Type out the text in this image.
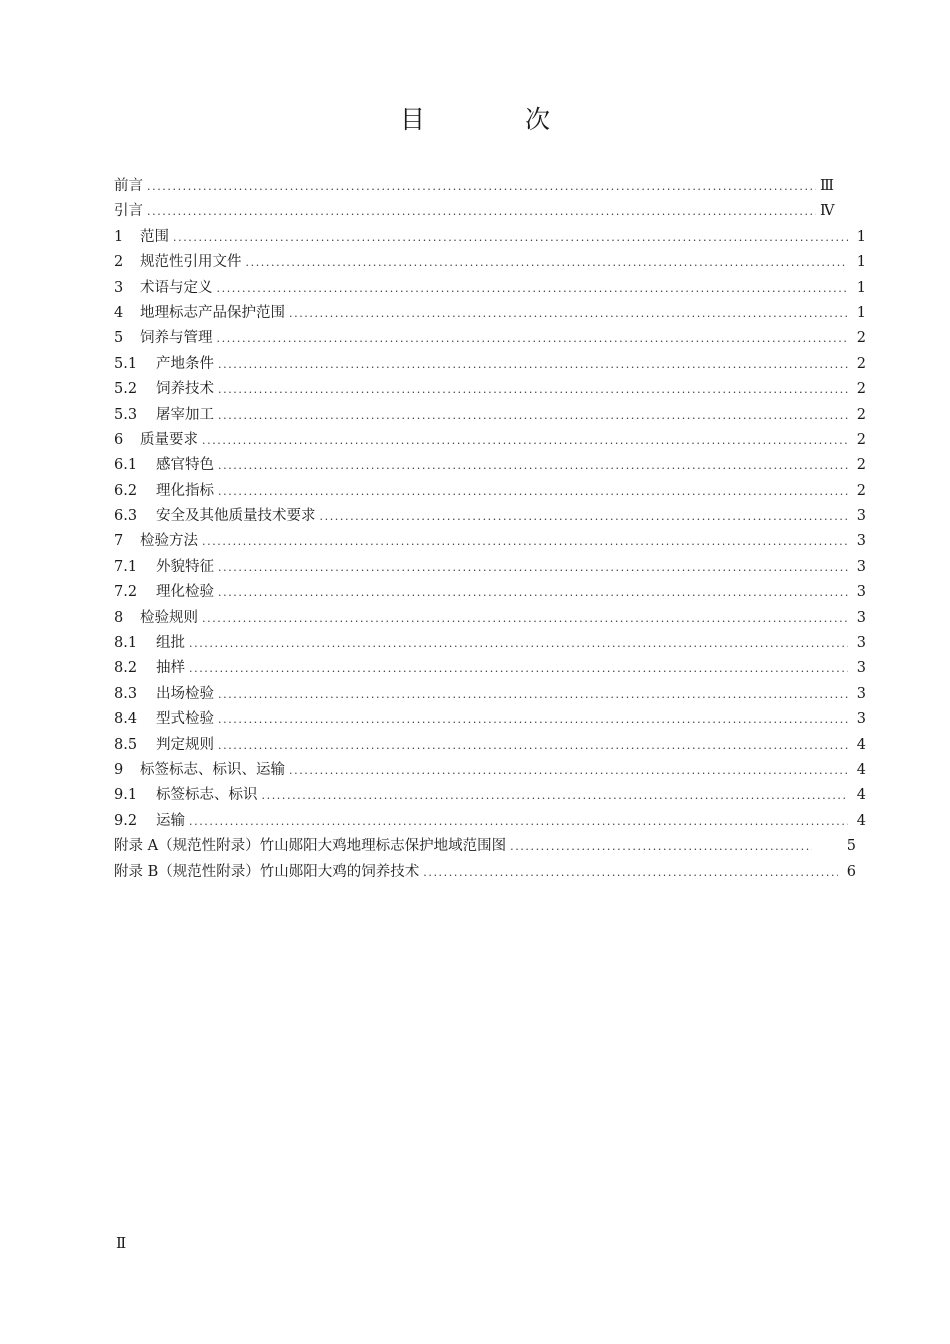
目 次
前言 .....	Ⅲ
引言 .....	Ⅳ
1	范围 .....	1
2	规范性引用文件 .....	1
3	术语与定义 .....	1
4	地理标志产品保护范围 .....	1
5	饲养与管理 .....	2
5.1	产地条件 .....	2
5.2	饲养技术 .....	2
5.3	屠宰加工 .....	2
6	质量要求 .....	2
6.1	感官特色 .....	2
6.2	理化指标 .....	2
6.3	安全及其他质量技术要求 .....	3
7	检验方法 .....	3
7.1	外貌特征 .....	3
7.2	理化检验 .....	3
8	检验规则 .....	3
8.1	组批 .....	3
8.2	抽样 .....	3
8.3	出场检验 .....	3
8.4	型式检验 .....	3
8.5	判定规则 .....	4
9	标签标志、标识、运输 .....	4
9.1	标签标志、标识 .....	4
9.2	运输 .....	4
附录 A（规范性附录）竹山郧阳大鸡地理标志保护地域范围图 .....	5
附录 B（规范性附录）竹山郧阳大鸡的饲养技术 .....	6
Ⅱ
